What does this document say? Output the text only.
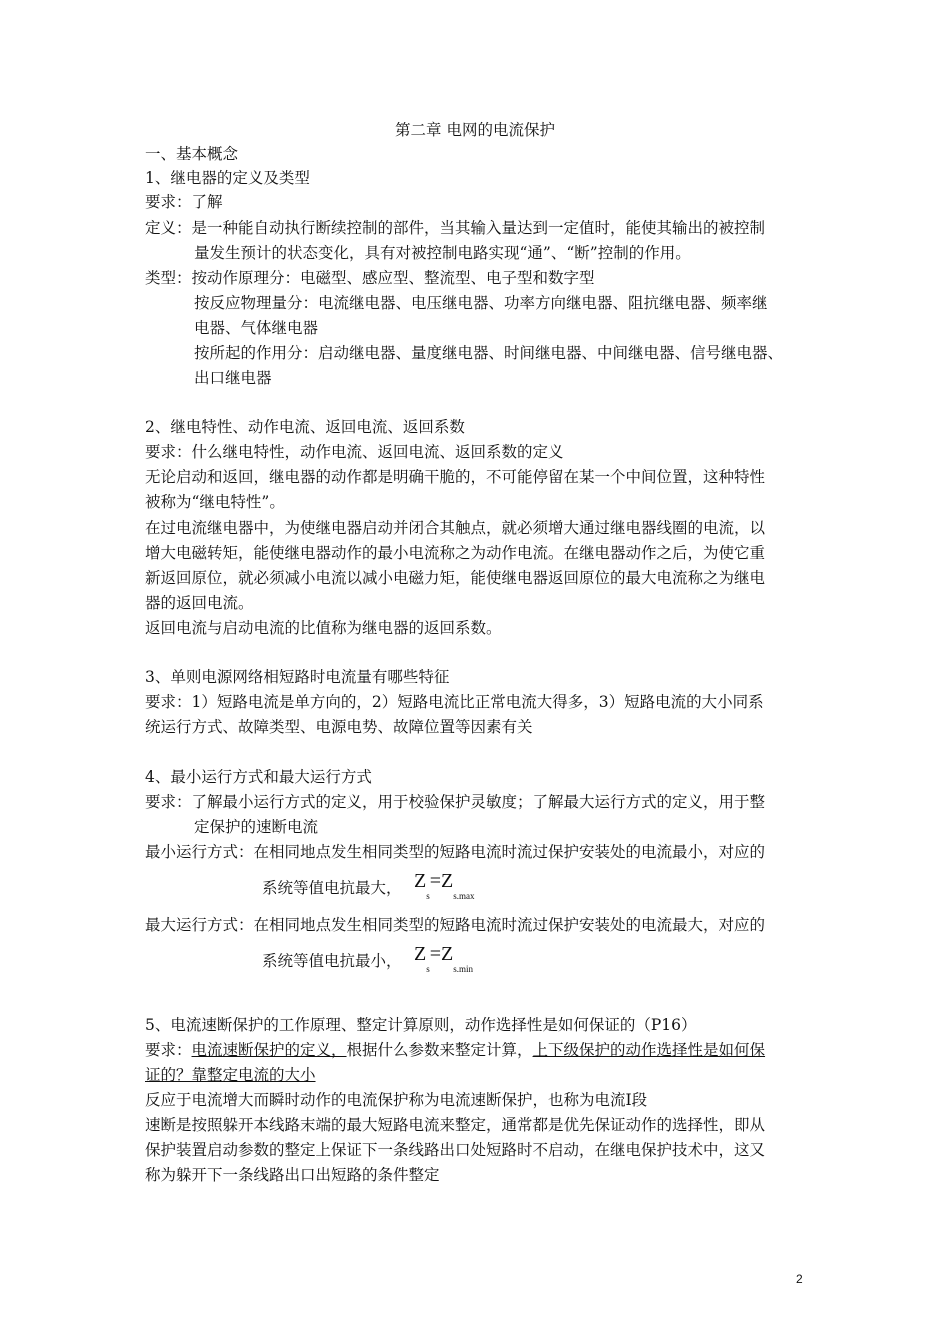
第二章 电网的电流保护
一、基本概念
1、继电器的定义及类型
要求：了解
定义：是一种能自动执行断续控制的部件，当其输入量达到一定值时，能使其输出的被控制
量发生预计的状态变化，具有对被控制电路实现“通”、“断”控制的作用。
类型：按动作原理分：电磁型、感应型、整流型、电子型和数字型
按反应物理量分：电流继电器、电压继电器、功率方向继电器、阻抗继电器、频率继
电器、气体继电器
按所起的作用分：启动继电器、量度继电器、时间继电器、中间继电器、信号继电器、
出口继电器
2、继电特性、动作电流、返回电流、返回系数
要求：什么继电特性，动作电流、返回电流、返回系数的定义
无论启动和返回，继电器的动作都是明确干脆的，不可能停留在某一个中间位置，这种特性
被称为“继电特性”。
在过电流继电器中，为使继电器启动并闭合其触点，就必须增大通过继电器线圈的电流，以
增大电磁转矩，能使继电器动作的最小电流称之为动作电流。在继电器动作之后，为使它重
新返回原位，就必须减小电流以减小电磁力矩，能使继电器返回原位的最大电流称之为继电
器的返回电流。
返回电流与启动电流的比值称为继电器的返回系数。
3、单则电源网络相短路时电流量有哪些特征
要求：1）短路电流是单方向的，2）短路电流比正常电流大得多，3）短路电流的大小同系
统运行方式、故障类型、电源电势、故障位置等因素有关
4、最小运行方式和最大运行方式
要求：了解最小运行方式的定义，用于校验保护灵敏度；了解最大运行方式的定义，用于整
定保护的速断电流
最小运行方式：在相同地点发生相同类型的短路电流时流过保护安装处的电流最小，对应的
系统等值电抗最大， $Z_s=Z_{s.max}$
最大运行方式：在相同地点发生相同类型的短路电流时流过保护安装处的电流最大，对应的
系统等值电抗最小， $Z_s=Z_{s.min}$
5、电流速断保护的工作原理、整定计算原则，动作选择性是如何保证的（P16）
要求：电流速断保护的定义，根据什么参数来整定计算，上下级保护的动作选择性是如何保
证的？靠整定电流的大小
反应于电流增大而瞬时动作的电流保护称为电流速断保护，也称为电流Ⅰ段
速断是按照躲开本线路末端的最大短路电流来整定，通常都是优先保证动作的选择性，即从
保护装置启动参数的整定上保证下一条线路出口处短路时不启动，在继电保护技术中，这又
称为躲开下一条线路出口出短路的条件整定
2
